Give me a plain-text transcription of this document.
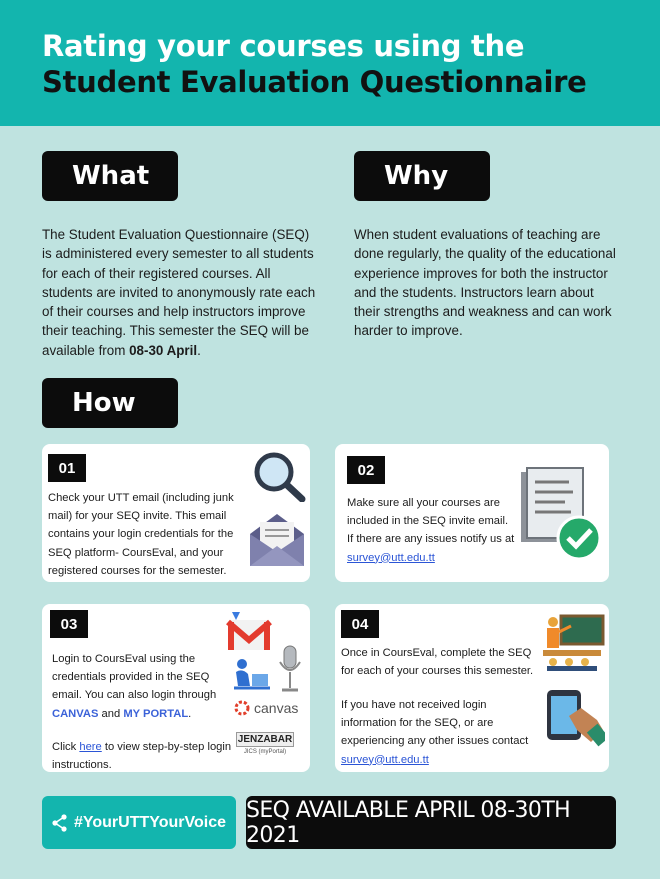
Rating your courses using the
Student Evaluation Questionnaire
What	Why
The Student Evaluation Questionnaire (SEQ) is administered every semester to all students for each of their registered courses. All students are invited to anonymously rate each of their courses and help instructors improve their teaching. This semester the SEQ will be available from 08-30 April.
When student evaluations of teaching are done regularly, the quality of the educational experience improves for both the instructor and the students. Instructors learn about their strengths and weakness and can work harder to improve.
How
01
Check your UTT email (including junk mail) for your SEQ invite. This email contains your login credentials for the SEQ platform- CoursEval, and your registered courses for the semester.
02
Make sure all your courses are included in the SEQ invite email. If there are any issues notify us at survey@utt.edu.tt
03
Login to CoursEval using the credentials provided in the SEQ email. You can also login through CANVAS and MY PORTAL.
Click here to view step-by-step login instructions.
canvas
JENZABAR
JICS (myPortal)
04
Once in CoursEval, complete the SEQ for each of your courses this semester.
If you have not received login information for the SEQ, or are experiencing any other issues contact survey@utt.edu.tt
#YourUTTYourVoice SEQ AVAILABLE APRIL 08-30TH 2021
